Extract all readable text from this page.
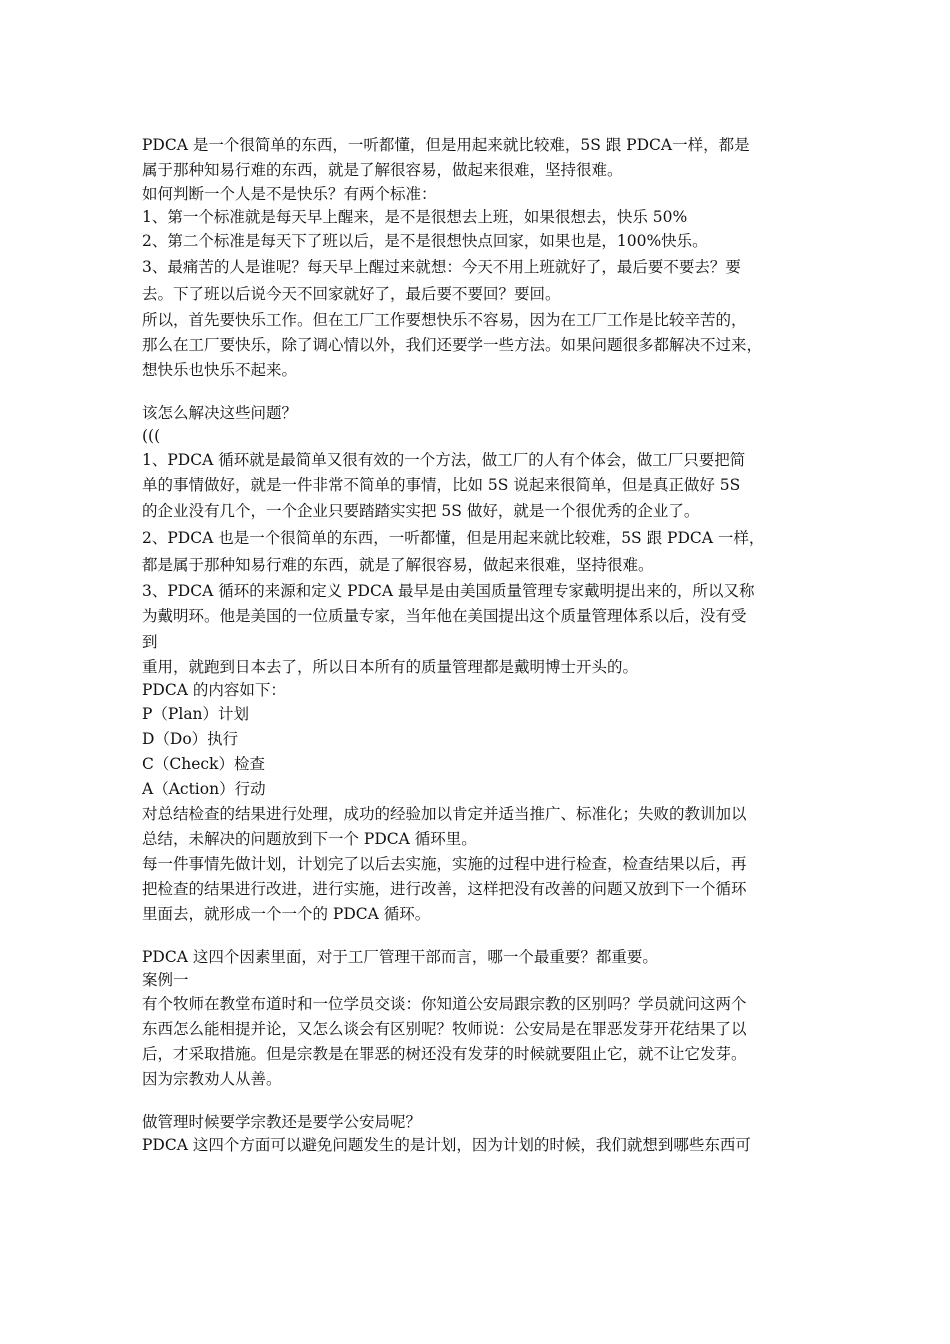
PDCA 是一个很简单的东西，一听都懂，但是用起来就比较难，5S 跟 PDCA一样，都是
属于那种知易行难的东西，就是了解很容易，做起来很难，坚持很难。
如何判断一个人是不是快乐？有两个标准：
1、第一个标准就是每天早上醒来，是不是很想去上班，如果很想去，快乐 50%
2、第二个标准是每天下了班以后，是不是很想快点回家，如果也是，100%快乐。
3、最痛苦的人是谁呢？每天早上醒过来就想：今天不用上班就好了，最后要不要去？要
去。下了班以后说今天不回家就好了，最后要不要回？要回。
所以，首先要快乐工作。但在工厂工作要想快乐不容易，因为在工厂工作是比较辛苦的，
那么在工厂要快乐，除了调心情以外，我们还要学一些方法。如果问题很多都解决不过来，
想快乐也快乐不起来。
该怎么解决这些问题？
(((
1、PDCA 循环就是最简单又很有效的一个方法，做工厂的人有个体会，做工厂只要把简
单的事情做好，就是一件非常不简单的事情，比如 5S 说起来很简单，但是真正做好 5S
的企业没有几个，一个企业只要踏踏实实把 5S 做好，就是一个很优秀的企业了。
2、PDCA 也是一个很简单的东西，一听都懂，但是用起来就比较难，5S 跟 PDCA 一样，
都是属于那种知易行难的东西，就是了解很容易，做起来很难，坚持很难。
3、PDCA 循环的来源和定义 PDCA 最早是由美国质量管理专家戴明提出来的，所以又称
为戴明环。他是美国的一位质量专家，当年他在美国提出这个质量管理体系以后，没有受
到
重用，就跑到日本去了，所以日本所有的质量管理都是戴明博士开头的。
PDCA 的内容如下：
P（Plan）计划
D（Do）执行
C（Check）检查
A（Action）行动
对总结检查的结果进行处理，成功的经验加以肯定并适当推广、标准化；失败的教训加以
总结，未解决的问题放到下一个 PDCA 循环里。
每一件事情先做计划，计划完了以后去实施，实施的过程中进行检查，检查结果以后，再
把检查的结果进行改进，进行实施，进行改善，这样把没有改善的问题又放到下一个循环
里面去，就形成一个一个的 PDCA 循环。
PDCA 这四个因素里面，对于工厂管理干部而言，哪一个最重要？都重要。
案例一
有个牧师在教堂布道时和一位学员交谈：你知道公安局跟宗教的区别吗？学员就问这两个
东西怎么能相提并论，又怎么谈会有区别呢？牧师说：公安局是在罪恶发芽开花结果了以
后，才采取措施。但是宗教是在罪恶的树还没有发芽的时候就要阻止它，就不让它发芽。
因为宗教劝人从善。
做管理时候要学宗教还是要学公安局呢？
PDCA 这四个方面可以避免问题发生的是计划，因为计划的时候，我们就想到哪些东西可
